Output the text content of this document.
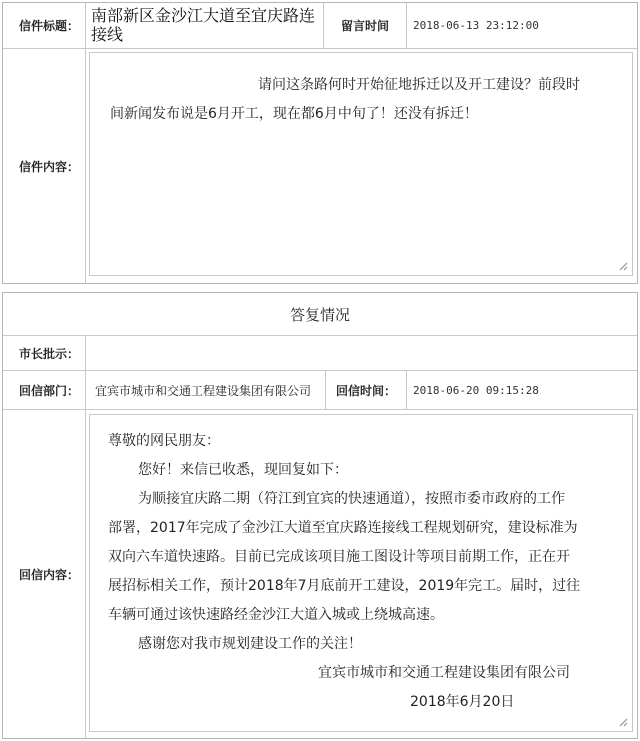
信件标题：
南部新区金沙江大道至宜庆路连接线	留言时间	2018-06-13 23:12:00
信件内容：

请问这条路何时开始征地拆迁以及开工建设？前段时

间新闻发布说是6月开工，现在都6月中旬了！还没有拆迁！

答复情况
市长批示：
回信部门：	宜宾市城市和交通工程建设集团有限公司	回信时间：	2018-06-20 09:15:28
回信内容：

尊敬的网民朋友：

您好！来信已收悉，现回复如下：

为顺接宜庆路二期（符江到宜宾的快速通道），按照市委市政府的工作

部署，2017年完成了金沙江大道至宜庆路连接线工程规划研究，建设标准为

双向六车道快速路。目前已完成该项目施工图设计等项目前期工作，正在开

展招标相关工作，预计2018年7月底前开工建设，2019年完工。届时，过往

车辆可通过该快速路经金沙江大道入城或上绕城高速。

感谢您对我市规划建设工作的关注！

宜宾市城市和交通工程建设集团有限公司

2018年6月20日
